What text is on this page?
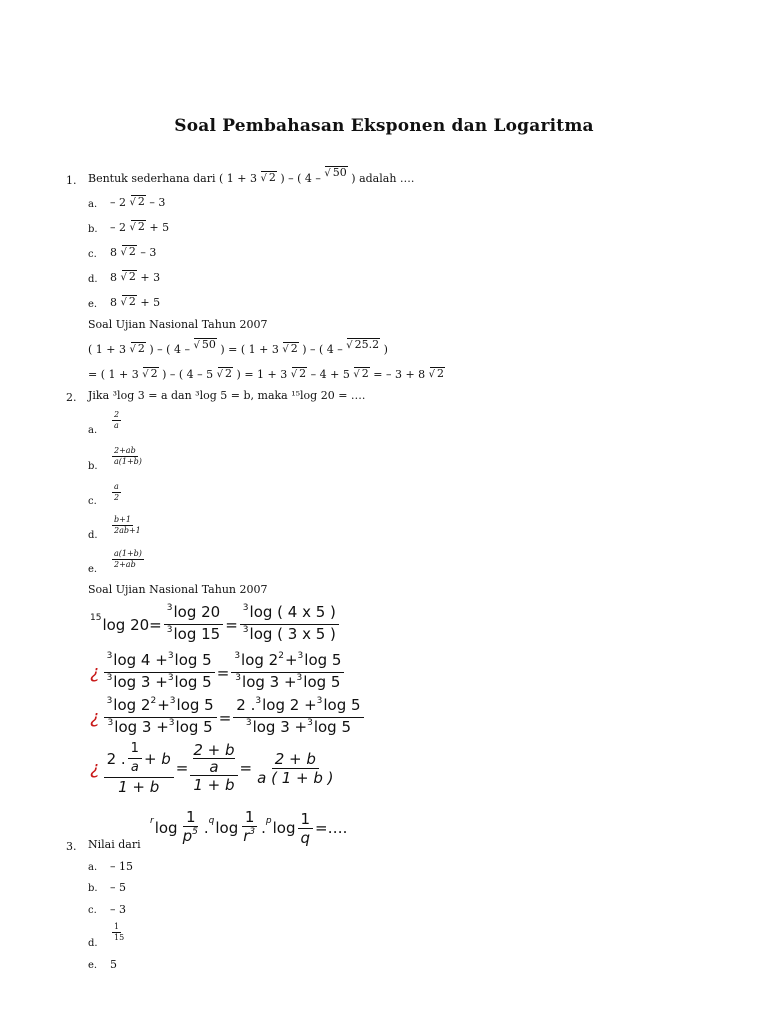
Soal Pembahasan Eksponen dan Logaritma
1. Bentuk sederhana dari ( 1 + 3 √ 2 ) – ( 4 – √ 50 ) adalah ….
a. – 2 √ 2 – 3
b. – 2 √ 2 + 5
c. 8 √ 2 – 3
d. 8 √ 2 + 3
e. 8 √ 2 + 5
Soal Ujian Nasional Tahun 2007
( 1 + 3 √ 2 ) – ( 4 – √ 50 ) = ( 1 + 3 √ 2 ) – ( 4 – √ 25.2 )
= ( 1 + 3 √ 2 ) – ( 4 – 5 √ 2 ) = 1 + 3 √ 2 – 4 + 5 √ 2 = – 3 + 8 √ 2
2. Jika ³log 3 = a dan ³log 5 = b, maka ¹⁵log 20 = ….
a. $\frac{2}{a}$
b. $\frac{2+ab}{a(1+b)}$
c. $\frac{a}{2}$
d. $\frac{b+1}{2ab+1}$
e. $\frac{a(1+b)}{2+ab}$
Soal Ujian Nasional Tahun 2007
15 $\log 20= \frac{^3\log 20}{^3\log 15} = \frac{^3\log ( 4 x 5 )}{^3\log ( 3 x 5 )}$
¿ $\frac{^3\log 4 +^3\log 5}{^3\log 3 +^3\log 5} = \frac{^3\log 2^2+^3\log 5}{^3\log 3 +^3\log 5}$
¿ $\frac{^3\log 2^2+^3\log 5}{^3\log 3 +^3\log 5} = \frac{2 .^3\log 2 +^3\log 5}{^3\log 3 +^3\log 5}$
¿ $\frac{2 . \frac{1}{a} + b}{1 + b} = 2 + b$
a
$1 + b = \frac{2 + b}{a ( 1 + b )}$
r log
1
$p^5$ . q log
1
$r^3$ . p $\log \frac{1}{q}$ =….
3. Nilai dari
a. – 15
b. – 5
c. – 3
d.
$\frac{1}{15}$
e. 5
